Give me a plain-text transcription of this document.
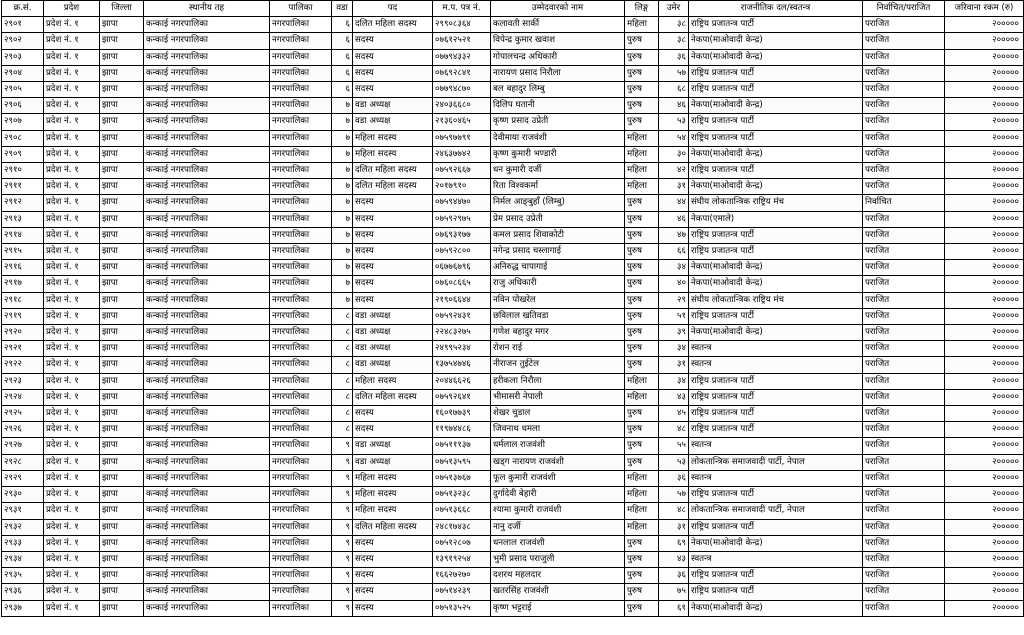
क्र.सं.	प्रदेश	जिल्ला	स्थानीय तह	पालिका	वडा	पद	म.प. पत्र नं.	उम्मेदवारको नाम	लिङ्ग	उमेर	राजनीतिक दल/स्वतन्त्र	निर्वाचित/पराजित	जरिवाना रकम (रु)
२९०१	प्रदेश नं. १	झापा	कन्काई नगरपालिका	नगरपालिका	६	दलित महिला सदस्य	२९९०८३६४	कलावती सार्की	महिला	३८	राष्ट्रिय प्रजातन्त्र पार्टी	पराजित	२०००००
२९०२	प्रदेश नं. १	झापा	कन्काई नगरपालिका	नगरपालिका	६	सदस्य	०७६१२५२१	विपेन्द्र कुमार खवाश	पुरुष	३८	नेकपा(माओवादी केन्द्र)	पराजित	२०००००
२९०३	प्रदेश नं. १	झापा	कन्काई नगरपालिका	नगरपालिका	६	सदस्य	०७७९४३३२	गोपालचन्द्र अधिकारी	पुरुष	३६	नेकपा(माओवादी केन्द्र)	पराजित	२०००००
२९०४	प्रदेश नं. १	झापा	कन्काई नगरपालिका	नगरपालिका	६	सदस्य	०७६९२८४१	नारायण प्रसाद निरौला	पुरुष	५७	राष्ट्रिय प्रजातन्त्र पार्टी	पराजित	२०००००
२९०५	प्रदेश नं. १	झापा	कन्काई नगरपालिका	नगरपालिका	६	सदस्य	०७७९४८७०	बल बहादुर लिम्बु	पुरुष	६८	राष्ट्रिय प्रजातन्त्र पार्टी	पराजित	२०००००
२९०६	प्रदेश नं. १	झापा	कन्काई नगरपालिका	नगरपालिका	७	वडा अध्यक्ष	२४०३६६८०	दिलिप घतानी	पुरुष	४६	नेकपा(माओवादी केन्द्र)	पराजित	२०००००
२९०७	प्रदेश नं. १	झापा	कन्काई नगरपालिका	नगरपालिका	७	वडा अध्यक्ष	२१३६०४६५	कृष्ण प्रसाद उप्रेती	पुरुष	५३	राष्ट्रिय प्रजातन्त्र पार्टी	पराजित	२०००००
२९०८	प्रदेश नं. १	झापा	कन्काई नगरपालिका	नगरपालिका	७	महिला सदस्य	०७५९७७९१	देवीमाया राजवंशी	महिला	५४	राष्ट्रिय प्रजातन्त्र पार्टी	पराजित	२०००००
२९०९	प्रदेश नं. १	झापा	कन्काई नगरपालिका	नगरपालिका	७	महिला सदस्य	२४६३७७४२	कृष्ण कुमारी भण्डारी	महिला	३०	नेकपा(माओवादी केन्द्र)	पराजित	२०००००
२९१०	प्रदेश नं. १	झापा	कन्काई नगरपालिका	नगरपालिका	७	दलित महिला सदस्य	०७५९२६६७	धन कुमारी दर्जी	महिला	४२	राष्ट्रिय प्रजातन्त्र पार्टी	पराजित	२०००००
२९११	प्रदेश नं. १	झापा	कन्काई नगरपालिका	नगरपालिका	७	दलित महिला सदस्य	२०१७९१०	रिता विश्वकर्मा	महिला	३१	नेकपा(माओवादी केन्द्र)	पराजित	२०००००
२९१२	प्रदेश नं. १	झापा	कन्काई नगरपालिका	नगरपालिका	७	सदस्य	०७५९४४७०	निर्मल आङ्बुहाँ (लिम्बु)	पुरुष	४४	संघीय लोकतान्त्रिक राष्ट्रिय मंच	निर्वाचित	२०००००
२९१३	प्रदेश नं. १	झापा	कन्काई नगरपालिका	नगरपालिका	७	सदस्य	०७५९२९७५	प्रेम प्रसाद उप्रेती	पुरुष	४६	नेकपा(एमाले)	पराजित	२०००००
२९१४	प्रदेश नं. १	झापा	कन्काई नगरपालिका	नगरपालिका	७	सदस्य	०७६९३१७७	कमल प्रसाद शिवाकोटी	पुरुष	४७	राष्ट्रिय प्रजातन्त्र पार्टी	पराजित	२०००००
२९१५	प्रदेश नं. १	झापा	कन्काई नगरपालिका	नगरपालिका	७	सदस्य	०७५९२८००	नगेन्द्र प्रसाद चस्लागाई	पुरुष	६६	राष्ट्रिय प्रजातन्त्र पार्टी	पराजित	२०००००
२९१६	प्रदेश नं. १	झापा	कन्काई नगरपालिका	नगरपालिका	७	सदस्य	०६७७६७९६	अनिरुद्ध चापागाई	पुरुष	३४	नेकपा(माओवादी केन्द्र)	पराजित	२०००००
२९१७	प्रदेश नं. १	झापा	कन्काई नगरपालिका	नगरपालिका	७	सदस्य	०७६०८६६५	राजु अधिकारी	पुरुष	४०	नेकपा(माओवादी केन्द्र)	पराजित	२०००००
२९१८	प्रदेश नं. १	झापा	कन्काई नगरपालिका	नगरपालिका	७	सदस्य	२१९०६६४४	नविन पोखरेल	पुरुष	२९	संघीय लोकतान्त्रिक राष्ट्रिय मंच	पराजित	२०००००
२९१९	प्रदेश नं. १	झापा	कन्काई नगरपालिका	नगरपालिका	८	वडा अध्यक्ष	०७५९२४३१	छविलाल खतिवडा	पुरुष	५१	राष्ट्रिय प्रजातन्त्र पार्टी	पराजित	२०००००
२९२०	प्रदेश नं. १	झापा	कन्काई नगरपालिका	नगरपालिका	८	वडा अध्यक्ष	२२४८३२७५	गणेश बहादुर मगर	पुरुष	३९	नेकपा(माओवादी केन्द्र)	पराजित	२०००००
२९२१	प्रदेश नं. १	झापा	कन्काई नगरपालिका	नगरपालिका	८	वडा अध्यक्ष	२४९९५२३४	रोशन राई	पुरुष	३४	स्वतन्त्र	पराजित	२०००००
२९२२	प्रदेश नं. १	झापा	कन्काई नगरपालिका	नगरपालिका	८	वडा अध्यक्ष	१३७५४७४६	नीराजन तुईटेल	पुरुष	३१	स्वतन्त्र	पराजित	२०००००
२९२३	प्रदेश नं. १	झापा	कन्काई नगरपालिका	नगरपालिका	८	महिला सदस्य	२०४४६६२६	हरीकला निरौला	महिला	३४	राष्ट्रिय प्रजातन्त्र पार्टी	पराजित	२०००००
२९२४	प्रदेश नं. १	झापा	कन्काई नगरपालिका	नगरपालिका	८	दलित महिला सदस्य	०७५९२६४१	भीमासरी नेपाली	महिला	४३	राष्ट्रिय प्रजातन्त्र पार्टी	पराजित	२०००००
२९२५	प्रदेश नं. १	झापा	कन्काई नगरपालिका	नगरपालिका	८	सदस्य	१६०१७७३९	शेखर चुडाल	पुरुष	४५	राष्ट्रिय प्रजातन्त्र पार्टी	पराजित	२०००००
२९२६	प्रदेश नं. १	झापा	कन्काई नगरपालिका	नगरपालिका	८	सदस्य	११९७४४८६	जिवनाथ धमला	पुरुष	४८	राष्ट्रिय प्रजातन्त्र पार्टी	पराजित	२०००००
२९२७	प्रदेश नं. १	झापा	कन्काई नगरपालिका	नगरपालिका	९	वडा अध्यक्ष	०७५१११३७	धर्मलाल राजवंशी	पुरुष	५५	स्वतन्त्र	पराजित	२०००००
२९२८	प्रदेश नं. १	झापा	कन्काई नगरपालिका	नगरपालिका	९	वडा अध्यक्ष	०७५१३५९५	खड्ग नारायण राजवंशी	पुरुष	५३	लोकतान्त्रिक समाजवादी पार्टी, नेपाल	पराजित	२०००००
२९२९	प्रदेश नं. १	झापा	कन्काई नगरपालिका	नगरपालिका	९	महिला सदस्य	०७५१३७६७	फूल कुमारी राजवंशी	महिला	३६	स्वतन्त्र	पराजित	२०००००
२९३०	प्रदेश नं. १	झापा	कन्काई नगरपालिका	नगरपालिका	९	महिला सदस्य	०७५१३२३८	दुर्गादेवी बेहारी	महिला	५७	राष्ट्रिय प्रजातन्त्र पार्टी	पराजित	२०००००
२९३१	प्रदेश नं. १	झापा	कन्काई नगरपालिका	नगरपालिका	९	महिला सदस्य	०७५१३६६८	श्यामा कुमारी राजवंशी	महिला	४८	लोकतान्त्रिक समाजवादी पार्टी, नेपाल	पराजित	२०००००
२९३२	प्रदेश नं. १	झापा	कन्काई नगरपालिका	नगरपालिका	९	दलित महिला सदस्य	२४८१७४३८	नानु दर्जी	महिला	३१	राष्ट्रिय प्रजातन्त्र पार्टी	पराजित	२०००००
२९३३	प्रदेश नं. १	झापा	कन्काई नगरपालिका	नगरपालिका	९	सदस्य	०७५१२८०७	धनलाल राजवंशी	पुरुष	६९	नेकपा(माओवादी केन्द्र)	पराजित	२०००००
२९३४	प्रदेश नं. १	झापा	कन्काई नगरपालिका	नगरपालिका	९	सदस्य	१३९१९२५४	भुमी प्रसाद पराजुली	पुरुष	४३	स्वतन्त्र	पराजित	२०००००
२९३५	प्रदेश नं. १	झापा	कन्काई नगरपालिका	नगरपालिका	९	सदस्य	१६६२७२७०	दशरथ महलदार	पुरुष	३६	राष्ट्रिय प्रजातन्त्र पार्टी	पराजित	२०००००
२९३६	प्रदेश नं. १	झापा	कन्काई नगरपालिका	नगरपालिका	९	सदस्य	०७५१४२३९	खतरसिंह राजवंशी	पुरुष	७५	राष्ट्रिय प्रजातन्त्र पार्टी	पराजित	२०००००
२९३७	प्रदेश नं. १	झापा	कन्काई नगरपालिका	नगरपालिका	९	सदस्य	०७५१३५२५	कृष्ण भट्टराई	पुरुष	६१	नेकपा(माओवादी केन्द्र)	पराजित	२०००००
